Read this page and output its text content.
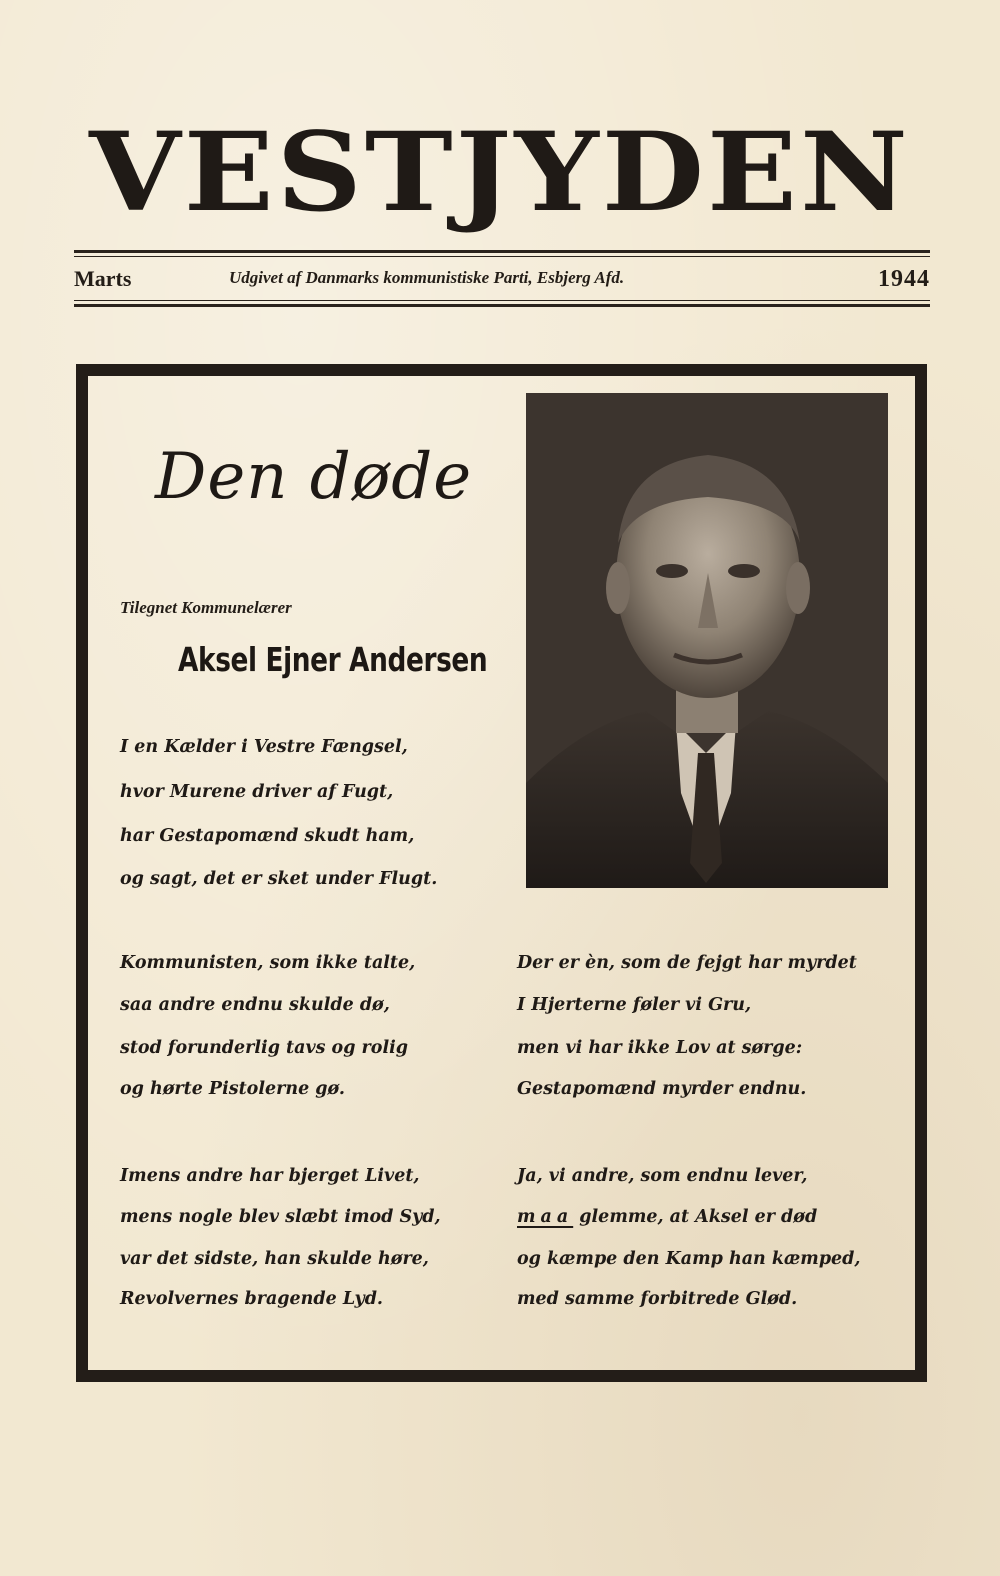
VESTJYDEN
Marts	Udgivet af Danmarks kommunistiske Parti, Esbjerg Afd.	1944
Den døde
Tilegnet Kommunelærer
Aksel Ejner Andersen
I en Kælder i Vestre Fængsel,
hvor Murene driver af Fugt,
har Gestapomænd skudt ham,
og sagt, det er sket under Flugt.
Kommunisten, som ikke talte,
saa andre endnu skulde dø,
stod forunderlig tavs og rolig
og hørte Pistolerne gø.
Imens andre har bjerget Livet,
mens nogle blev slæbt imod Syd,
var det sidste, han skulde høre,
Revolvernes bragende Lyd.
Der er èn, som de fejgt har myrdet
I Hjerterne føler vi Gru,
men vi har ikke Lov at sørge:
Gestapomænd myrder endnu.
Ja, vi andre, som endnu lever,
maa glemme, at Aksel er død
og kæmpe den Kamp han kæmped,
med samme forbitrede Glød.
